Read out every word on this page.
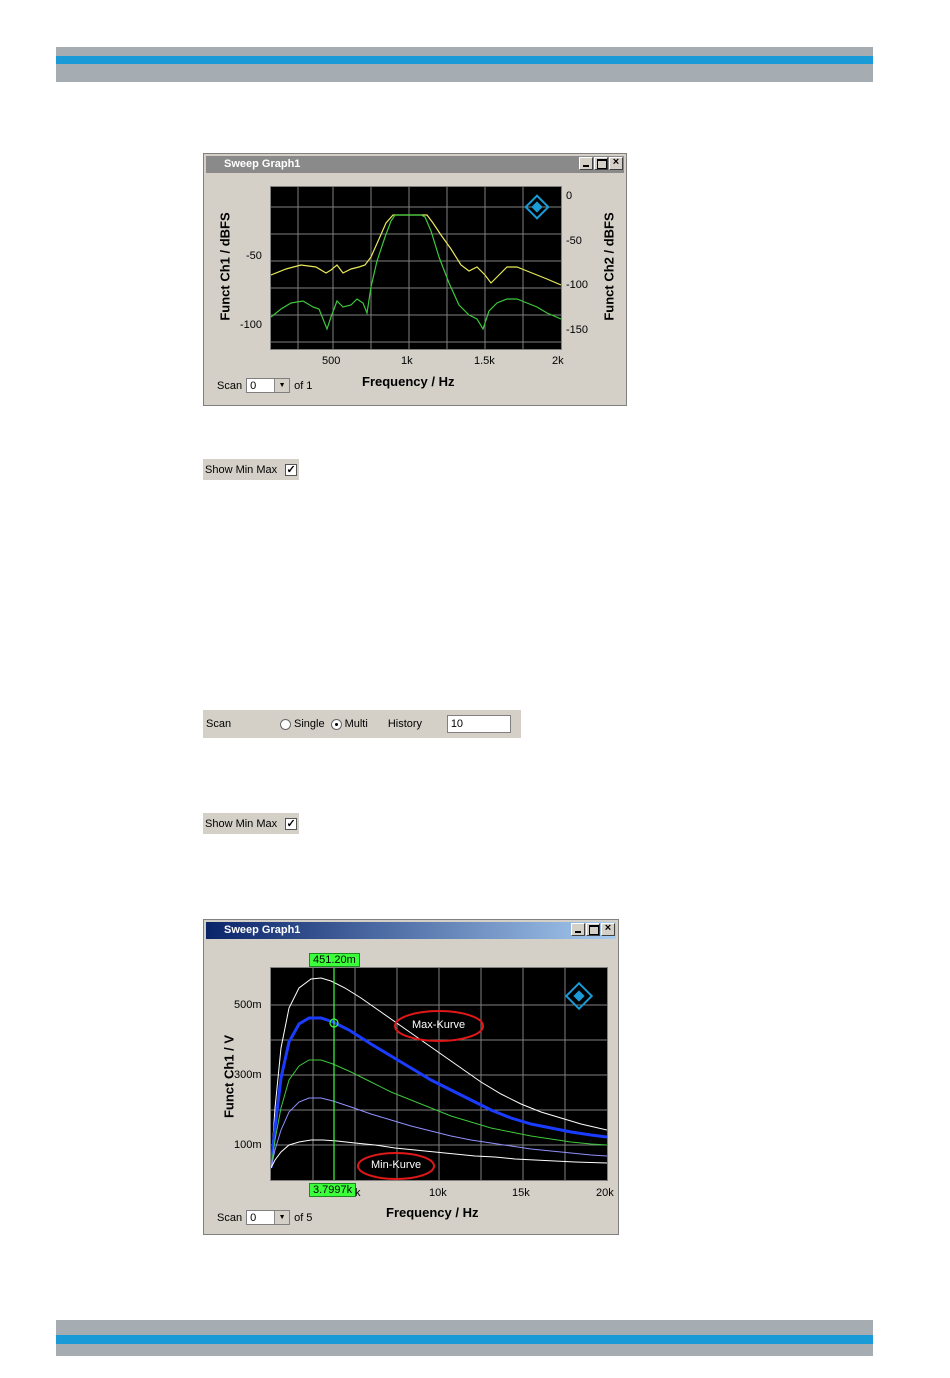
Sweep Graph1	×
-50
-100
0
-50
-100
-150
Funct Ch1 / dBFS	Funct Ch2 / dBFS
500	1k	1.5k	2k
Frequency / Hz
Scan 0	▼ of 1
Show Min Max ✓
Scan	Single Multi History	10
Show Min Max ✓
Sweep Graph1	×
Max-Kurve
Min-Kurve
451.20m
3.7997k
500m
300m
100m
Funct Ch1 / V
k	10k	15k	20k
Frequency / Hz
Scan 0	▼ of 5
